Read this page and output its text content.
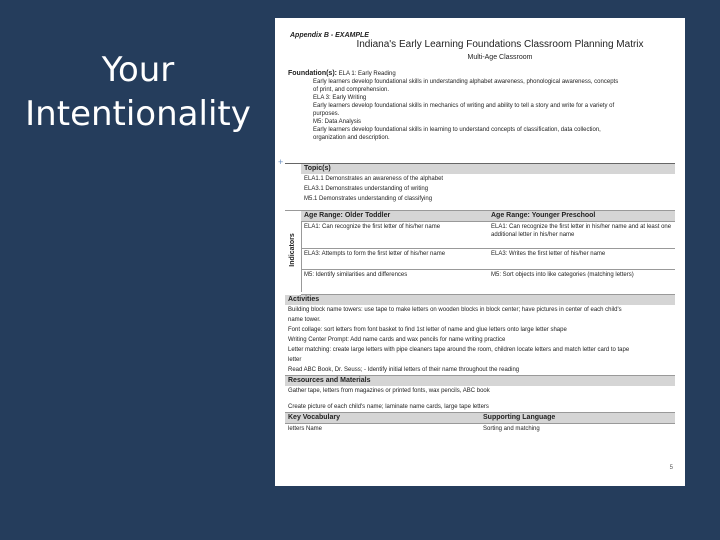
Your
Intentionality
Appendix B - EXAMPLE
Indiana's Early Learning Foundations Classroom Planning Matrix
Multi-Age Classroom
Foundation(s): ELA 1: Early Reading
Early learners develop foundational skills in understanding alphabet awareness, phonological awareness, concepts
of print, and comprehension.
ELA 3: Early Writing
Early learners develop foundational skills in mechanics of writing and ability to tell a story and write for a variety of
purposes.
M5: Data Analysis
Early learners develop foundational skills in learning to understand concepts of classification, data collection,
organization and description.
+
Topic(s)
ELA1.1 Demonstrates an awareness of the alphabet
ELA3.1 Demonstrates understanding of writing
M5.1 Demonstrates understanding of classifying
Indicators
Age Range: Older Toddler	Age Range: Younger Preschool
ELA1: Can recognize the first letter of his/her name	ELA1: Can recognize the first letter in his/her name and at least one additional letter in his/her name
ELA3: Attempts to form the first letter of his/her name	ELA3: Writes the first letter of his/her name
M5: Identify similarities and differences	M5: Sort objects into like categories (matching letters)
Activities
Building block name towers: use tape to make letters on wooden blocks in block center; have pictures in center of each child's
name tower.
Font collage: sort letters from font basket to find 1st letter of name and glue letters onto large letter shape
Writing Center Prompt: Add name cards and wax pencils for name writing practice
Letter matching: create large letters with pipe cleaners tape around the room, children locate letters and match letter card to tape
letter
Read ABC Book, Dr. Seuss; - Identify initial letters of their name throughout the reading
Resources and Materials
Gather tape, letters from magazines or printed fonts, wax pencils, ABC book
Create picture of each child's name; laminate name cards, large tape letters
Key Vocabulary	Supporting Language
letters Name	Sorting and matching
5
